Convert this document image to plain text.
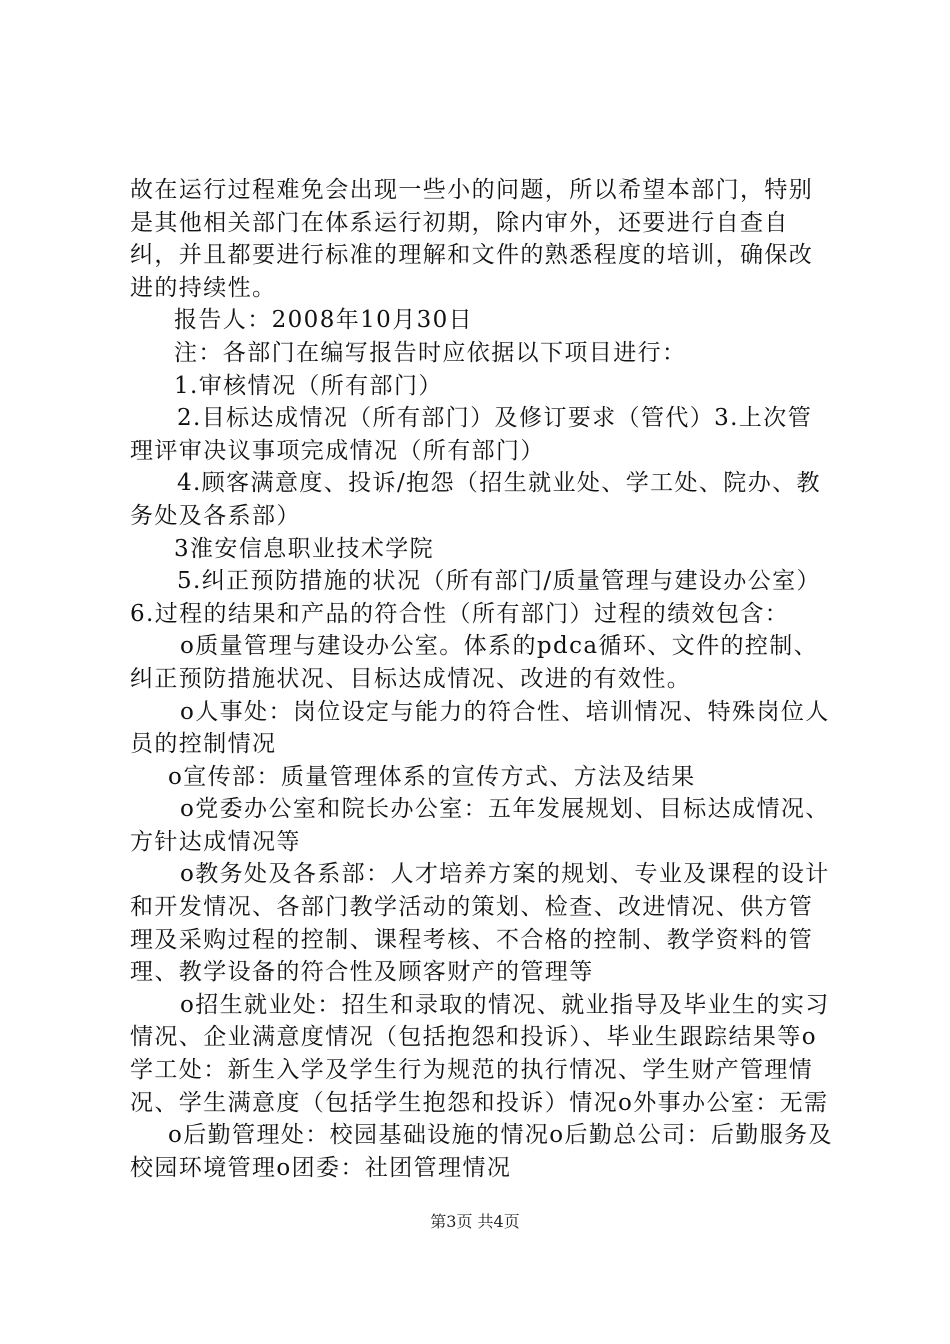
故在运行过程难免会出现一些小的问题，所以希望本部门，特别是其他相关部门在体系运行初期，除内审外，还要进行自查自纠，并且都要进行标准的理解和文件的熟悉程度的培训，确保改进的持续性。

报告人：2008年10月30日

注：各部门在编写报告时应依据以下项目进行：

1.审核情况（所有部门）

2.目标达成情况（所有部门）及修订要求（管代）3.上次管理评审决议事项完成情况（所有部门）

4.顾客满意度、投诉/抱怨（招生就业处、学工处、院办、教务处及各系部）

3淮安信息职业技术学院

5.纠正预防措施的状况（所有部门/质量管理与建设办公室）6.过程的结果和产品的符合性（所有部门）过程的绩效包含：

o质量管理与建设办公室。体系的pdca循环、文件的控制、纠正预防措施状况、目标达成情况、改进的有效性。

o人事处：岗位设定与能力的符合性、培训情况、特殊岗位人员的控制情况

o宣传部：质量管理体系的宣传方式、方法及结果

o党委办公室和院长办公室：五年发展规划、目标达成情况、方针达成情况等

o教务处及各系部：人才培养方案的规划、专业及课程的设计和开发情况、各部门教学活动的策划、检查、改进情况、供方管理及采购过程的控制、课程考核、不合格的控制、教学资料的管理、教学设备的符合性及顾客财产的管理等

o招生就业处：招生和录取的情况、就业指导及毕业生的实习情况、企业满意度情况（包括抱怨和投诉）、毕业生跟踪结果等o学工处：新生入学及学生行为规范的执行情况、学生财产管理情况、学生满意度（包括学生抱怨和投诉）情况o外事办公室：无需

o后勤管理处：校园基础设施的情况o后勤总公司：后勤服务及校园环境管理o团委：社团管理情况

第3页 共4页
